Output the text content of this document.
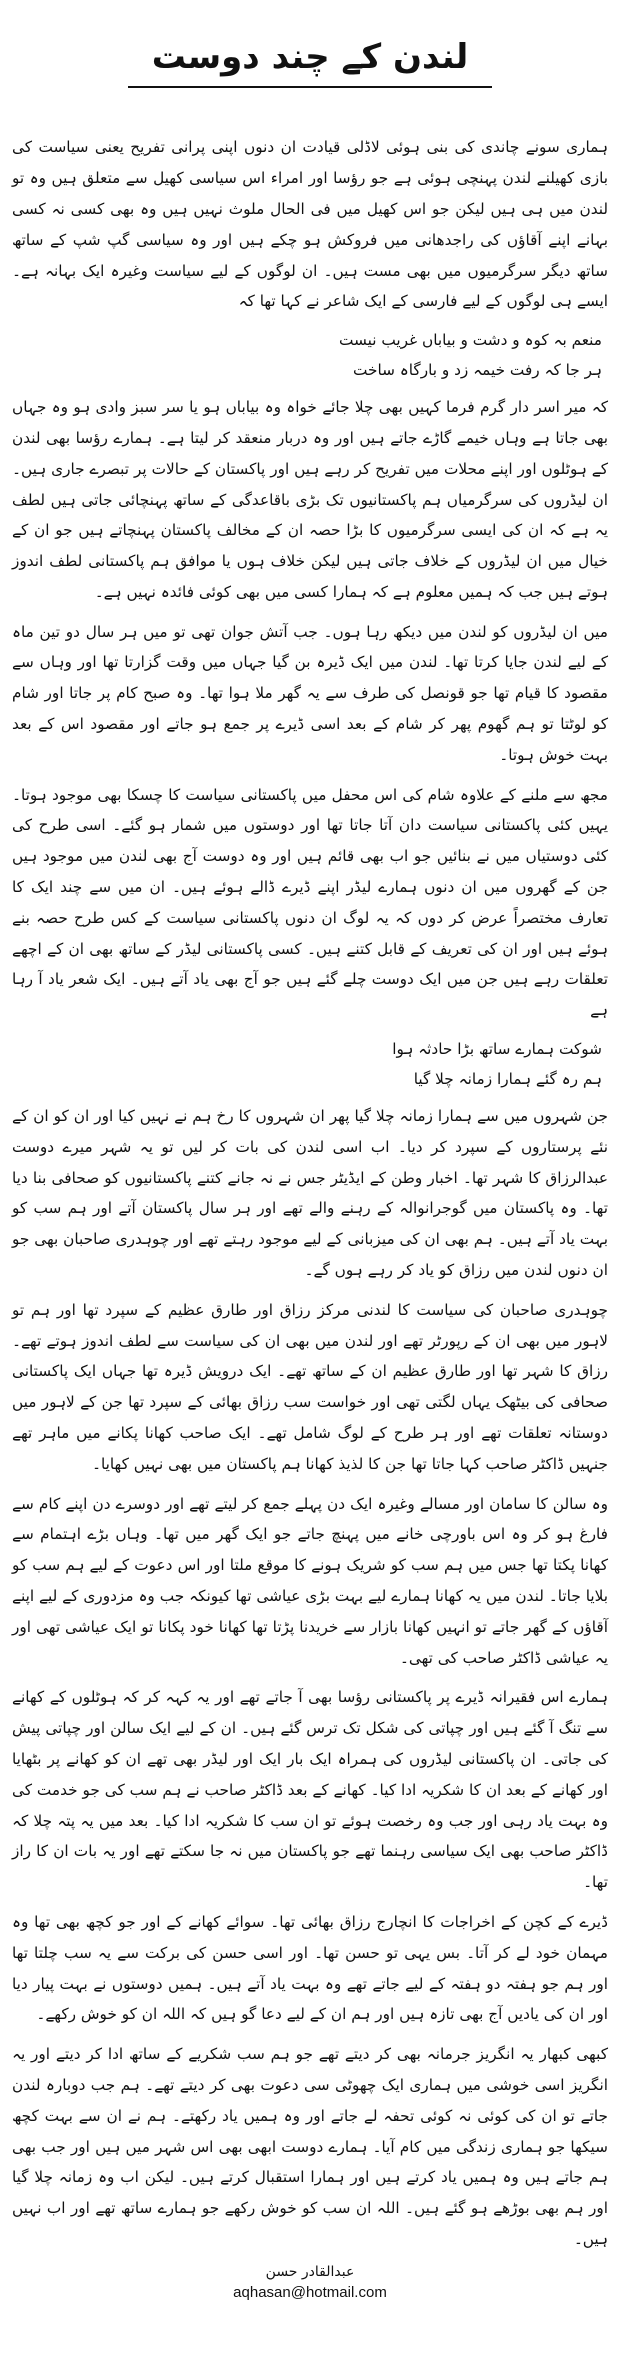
لندن کے چند دوست

ہماری سونے چاندی کی بنی ہوئی لاڈلی قیادت ان دنوں اپنی پرانی تفریح یعنی سیاست کی بازی کھیلنے لندن پہنچی ہوئی ہے جو رؤسا اور امراء اس سیاسی کھیل سے متعلق ہیں وہ تو لندن میں ہی ہیں لیکن جو اس کھیل میں فی الحال ملوث نہیں ہیں وہ بھی کسی نہ کسی بہانے اپنے آقاؤں کی راجدھانی میں فروکش ہو چکے ہیں اور وہ سیاسی گپ شپ کے ساتھ ساتھ دیگر سرگرمیوں میں بھی مست ہیں۔ ان لوگوں کے لیے سیاست وغیرہ ایک بہانہ ہے۔ ایسے ہی لوگوں کے لیے فارسی کے ایک شاعر نے کہا تھا کہ

منعم بہ کوہ و دشت و بیاباں غریب نیست
ہر جا کہ رفت خیمہ زد و بارگاہ ساخت

کہ میر اسر دار گرم فرما کہیں بھی چلا جائے خواہ وہ بیاباں ہو یا سر سبز وادی ہو وہ جہاں بھی جاتا ہے وہاں خیمے گاڑے جاتے ہیں اور وہ دربار منعقد کر لیتا ہے۔ ہمارے رؤسا بھی لندن کے ہوٹلوں اور اپنے محلات میں تفریح کر رہے ہیں اور پاکستان کے حالات پر تبصرے جاری ہیں۔ ان لیڈروں کی سرگرمیاں ہم پاکستانیوں تک بڑی باقاعدگی کے ساتھ پہنچائی جاتی ہیں لطف یہ ہے کہ ان کی ایسی سرگرمیوں کا بڑا حصہ ان کے مخالف پاکستان پہنچاتے ہیں جو ان کے خیال میں ان لیڈروں کے خلاف جاتی ہیں لیکن خلاف ہوں یا موافق ہم پاکستانی لطف اندوز ہوتے ہیں جب کہ ہمیں معلوم ہے کہ ہمارا کسی میں بھی کوئی فائدہ نہیں ہے۔

میں ان لیڈروں کو لندن میں دیکھ رہا ہوں۔ جب آتش جوان تھی تو میں ہر سال دو تین ماہ کے لیے لندن جایا کرتا تھا۔ لندن میں ایک ڈیرہ بن گیا جہاں میں وقت گزارتا تھا اور وہاں سے مقصود کا قیام تھا جو قونصل کی طرف سے یہ گھر ملا ہوا تھا۔ وہ صبح کام پر جاتا اور شام کو لوٹتا تو ہم گھوم پھر کر شام کے بعد اسی ڈیرے پر جمع ہو جاتے اور مقصود اس کے بعد بہت خوش ہوتا۔

مجھ سے ملنے کے علاوہ شام کی اس محفل میں پاکستانی سیاست کا چسکا بھی موجود ہوتا۔ یہیں کئی پاکستانی سیاست دان آتا جاتا تھا اور دوستوں میں شمار ہو گئے۔ اسی طرح کی کئی دوستیاں میں نے بنائیں جو اب بھی قائم ہیں اور وہ دوست آج بھی لندن میں موجود ہیں جن کے گھروں میں ان دنوں ہمارے لیڈر اپنے ڈیرے ڈالے ہوئے ہیں۔ ان میں سے چند ایک کا تعارف مختصراً عرض کر دوں کہ یہ لوگ ان دنوں پاکستانی سیاست کے کس طرح حصہ بنے ہوئے ہیں اور ان کی تعریف کے قابل کتنے ہیں۔ کسی پاکستانی لیڈر کے ساتھ بھی ان کے اچھے تعلقات رہے ہیں جن میں ایک دوست چلے گئے ہیں جو آج بھی یاد آتے ہیں۔ ایک شعر یاد آ رہا ہے

شوکت ہمارے ساتھ بڑا حادثہ ہوا
ہم رہ گئے ہمارا زمانہ چلا گیا

جن شہروں میں سے ہمارا زمانہ چلا گیا پھر ان شہروں کا رخ ہم نے نہیں کیا اور ان کو ان کے نئے پرستاروں کے سپرد کر دیا۔ اب اسی لندن کی بات کر لیں تو یہ شہر میرے دوست عبدالرزاق کا شہر تھا۔ اخبار وطن کے ایڈیٹر جس نے نہ جانے کتنے پاکستانیوں کو صحافی بنا دیا تھا۔ وہ پاکستان میں گوجرانوالہ کے رہنے والے تھے اور ہر سال پاکستان آتے اور ہم سب کو بہت یاد آتے ہیں۔ ہم بھی ان کی میزبانی کے لیے موجود رہتے تھے اور چوہدری صاحبان بھی جو ان دنوں لندن میں رزاق کو یاد کر رہے ہوں گے۔

چوہدری صاحبان کی سیاست کا لندنی مرکز رزاق اور طارق عظیم کے سپرد تھا اور ہم تو لاہور میں بھی ان کے رپورٹر تھے اور لندن میں بھی ان کی سیاست سے لطف اندوز ہوتے تھے۔ رزاق کا شہر تھا اور طارق عظیم ان کے ساتھ تھے۔ ایک درویش ڈیرہ تھا جہاں ایک پاکستانی صحافی کی بیٹھک یہاں لگتی تھی اور خواست سب رزاق بھائی کے سپرد تھا جن کے لاہور میں دوستانہ تعلقات تھے اور ہر طرح کے لوگ شامل تھے۔ ایک صاحب کھانا پکانے میں ماہر تھے جنہیں ڈاکٹر صاحب کہا جاتا تھا جن کا لذیذ کھانا ہم پاکستان میں بھی نہیں کھایا۔

وہ سالن کا سامان اور مسالے وغیرہ ایک دن پہلے جمع کر لیتے تھے اور دوسرے دن اپنے کام سے فارغ ہو کر وہ اس باورچی خانے میں پہنچ جاتے جو ایک گھر میں تھا۔ وہاں بڑے اہتمام سے کھانا پکتا تھا جس میں ہم سب کو شریک ہونے کا موقع ملتا اور اس دعوت کے لیے ہم سب کو بلایا جاتا۔ لندن میں یہ کھانا ہمارے لیے بہت بڑی عیاشی تھا کیونکہ جب وہ مزدوری کے لیے اپنے آقاؤں کے گھر جاتے تو انہیں کھانا بازار سے خریدنا پڑتا تھا کھانا خود پکانا تو ایک عیاشی تھی اور یہ عیاشی ڈاکٹر صاحب کی تھی۔

ہمارے اس فقیرانہ ڈیرے پر پاکستانی رؤسا بھی آ جاتے تھے اور یہ کہہ کر کہ ہوٹلوں کے کھانے سے تنگ آ گئے ہیں اور چپاتی کی شکل تک ترس گئے ہیں۔ ان کے لیے ایک سالن اور چپاتی پیش کی جاتی۔ ان پاکستانی لیڈروں کی ہمراہ ایک بار ایک اور لیڈر بھی تھے ان کو کھانے پر بٹھایا اور کھانے کے بعد ان کا شکریہ ادا کیا۔ کھانے کے بعد ڈاکٹر صاحب نے ہم سب کی جو خدمت کی وہ بہت یاد رہی اور جب وہ رخصت ہوئے تو ان سب کا شکریہ ادا کیا۔ بعد میں یہ پتہ چلا کہ ڈاکٹر صاحب بھی ایک سیاسی رہنما تھے جو پاکستان میں نہ جا سکتے تھے اور یہ بات ان کا راز تھا۔

ڈیرے کے کچن کے اخراجات کا انچارج رزاق بھائی تھا۔ سوائے کھانے کے اور جو کچھ بھی تھا وہ مہمان خود لے کر آتا۔ بس یہی تو حسن تھا۔ اور اسی حسن کی برکت سے یہ سب چلتا تھا اور ہم جو ہفتہ دو ہفتہ کے لیے جاتے تھے وہ بہت یاد آتے ہیں۔ ہمیں دوستوں نے بہت پیار دیا اور ان کی یادیں آج بھی تازہ ہیں اور ہم ان کے لیے دعا گو ہیں کہ اللہ ان کو خوش رکھے۔

کبھی کبھار یہ انگریز جرمانہ بھی کر دیتے تھے جو ہم سب شکریے کے ساتھ ادا کر دیتے اور یہ انگریز اسی خوشی میں ہماری ایک چھوٹی سی دعوت بھی کر دیتے تھے۔ ہم جب دوبارہ لندن جاتے تو ان کی کوئی نہ کوئی تحفہ لے جاتے اور وہ ہمیں یاد رکھتے۔ ہم نے ان سے بہت کچھ سیکھا جو ہماری زندگی میں کام آیا۔ ہمارے دوست ابھی بھی اس شہر میں ہیں اور جب بھی ہم جاتے ہیں وہ ہمیں یاد کرتے ہیں اور ہمارا استقبال کرتے ہیں۔ لیکن اب وہ زمانہ چلا گیا اور ہم بھی بوڑھے ہو گئے ہیں۔ اللہ ان سب کو خوش رکھے جو ہمارے ساتھ تھے اور اب نہیں ہیں۔

عبدالقادر حسن
aqhasan@hotmail.com
